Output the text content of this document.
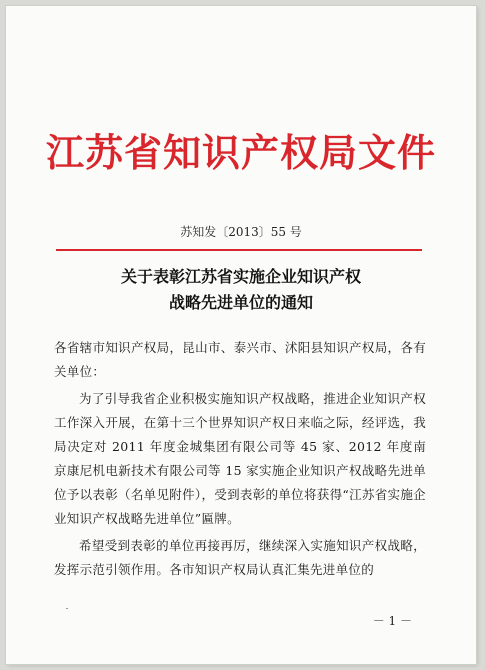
江苏省知识产权局文件
苏知发〔2013〕55 号
关于表彰江苏省实施企业知识产权
战略先进单位的通知

各省辖市知识产权局，昆山市、泰兴市、沭阳县知识产权局，各有关单位：

为了引导我省企业积极实施知识产权战略，推进企业知识产权工作深入开展，在第十三个世界知识产权日来临之际，经评选，我局决定对 2011 年度金城集团有限公司等 45 家、2012 年度南京康尼机电新技术有限公司等 15 家实施企业知识产权战略先进单位予以表彰（名单见附件），受到表彰的单位将获得“江苏省实施企业知识产权战略先进单位”匾牌。

希望受到表彰的单位再接再厉，继续深入实施知识产权战略，发挥示范引领作用。各市知识产权局认真汇集先进单位的

－ 1 －
